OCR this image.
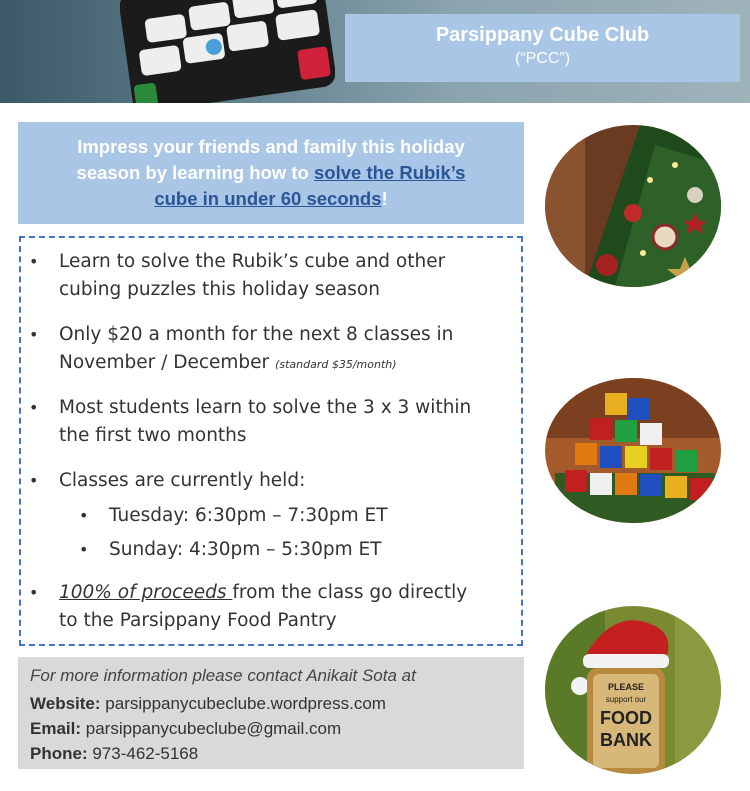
Parsippany Cube Club
(“PCC”)
Impress your friends and family this holiday
season by learning how to solve the Rubik’s
cube in under 60 seconds!
• Learn to solve the Rubik’s cube and other
cubing puzzles this holiday season
• Only $20 a month for the next 8 classes in
November / December (standard $35/month)
• Most students learn to solve the 3 x 3 within
the first two months
• Classes are currently held:
• Tuesday: 6:30pm – 7:30pm ET
• Sunday: 4:30pm – 5:30pm ET
• 100% of proceeds from the class go directly
to the Parsippany Food Pantry
For more information please contact Anikait Sota at
Website: parsippanycubeclube.wordpress.com
Email: parsippanycubeclube@gmail.com
Phone: 973-462-5168
PLEASE
support our
FOOD
BANK
